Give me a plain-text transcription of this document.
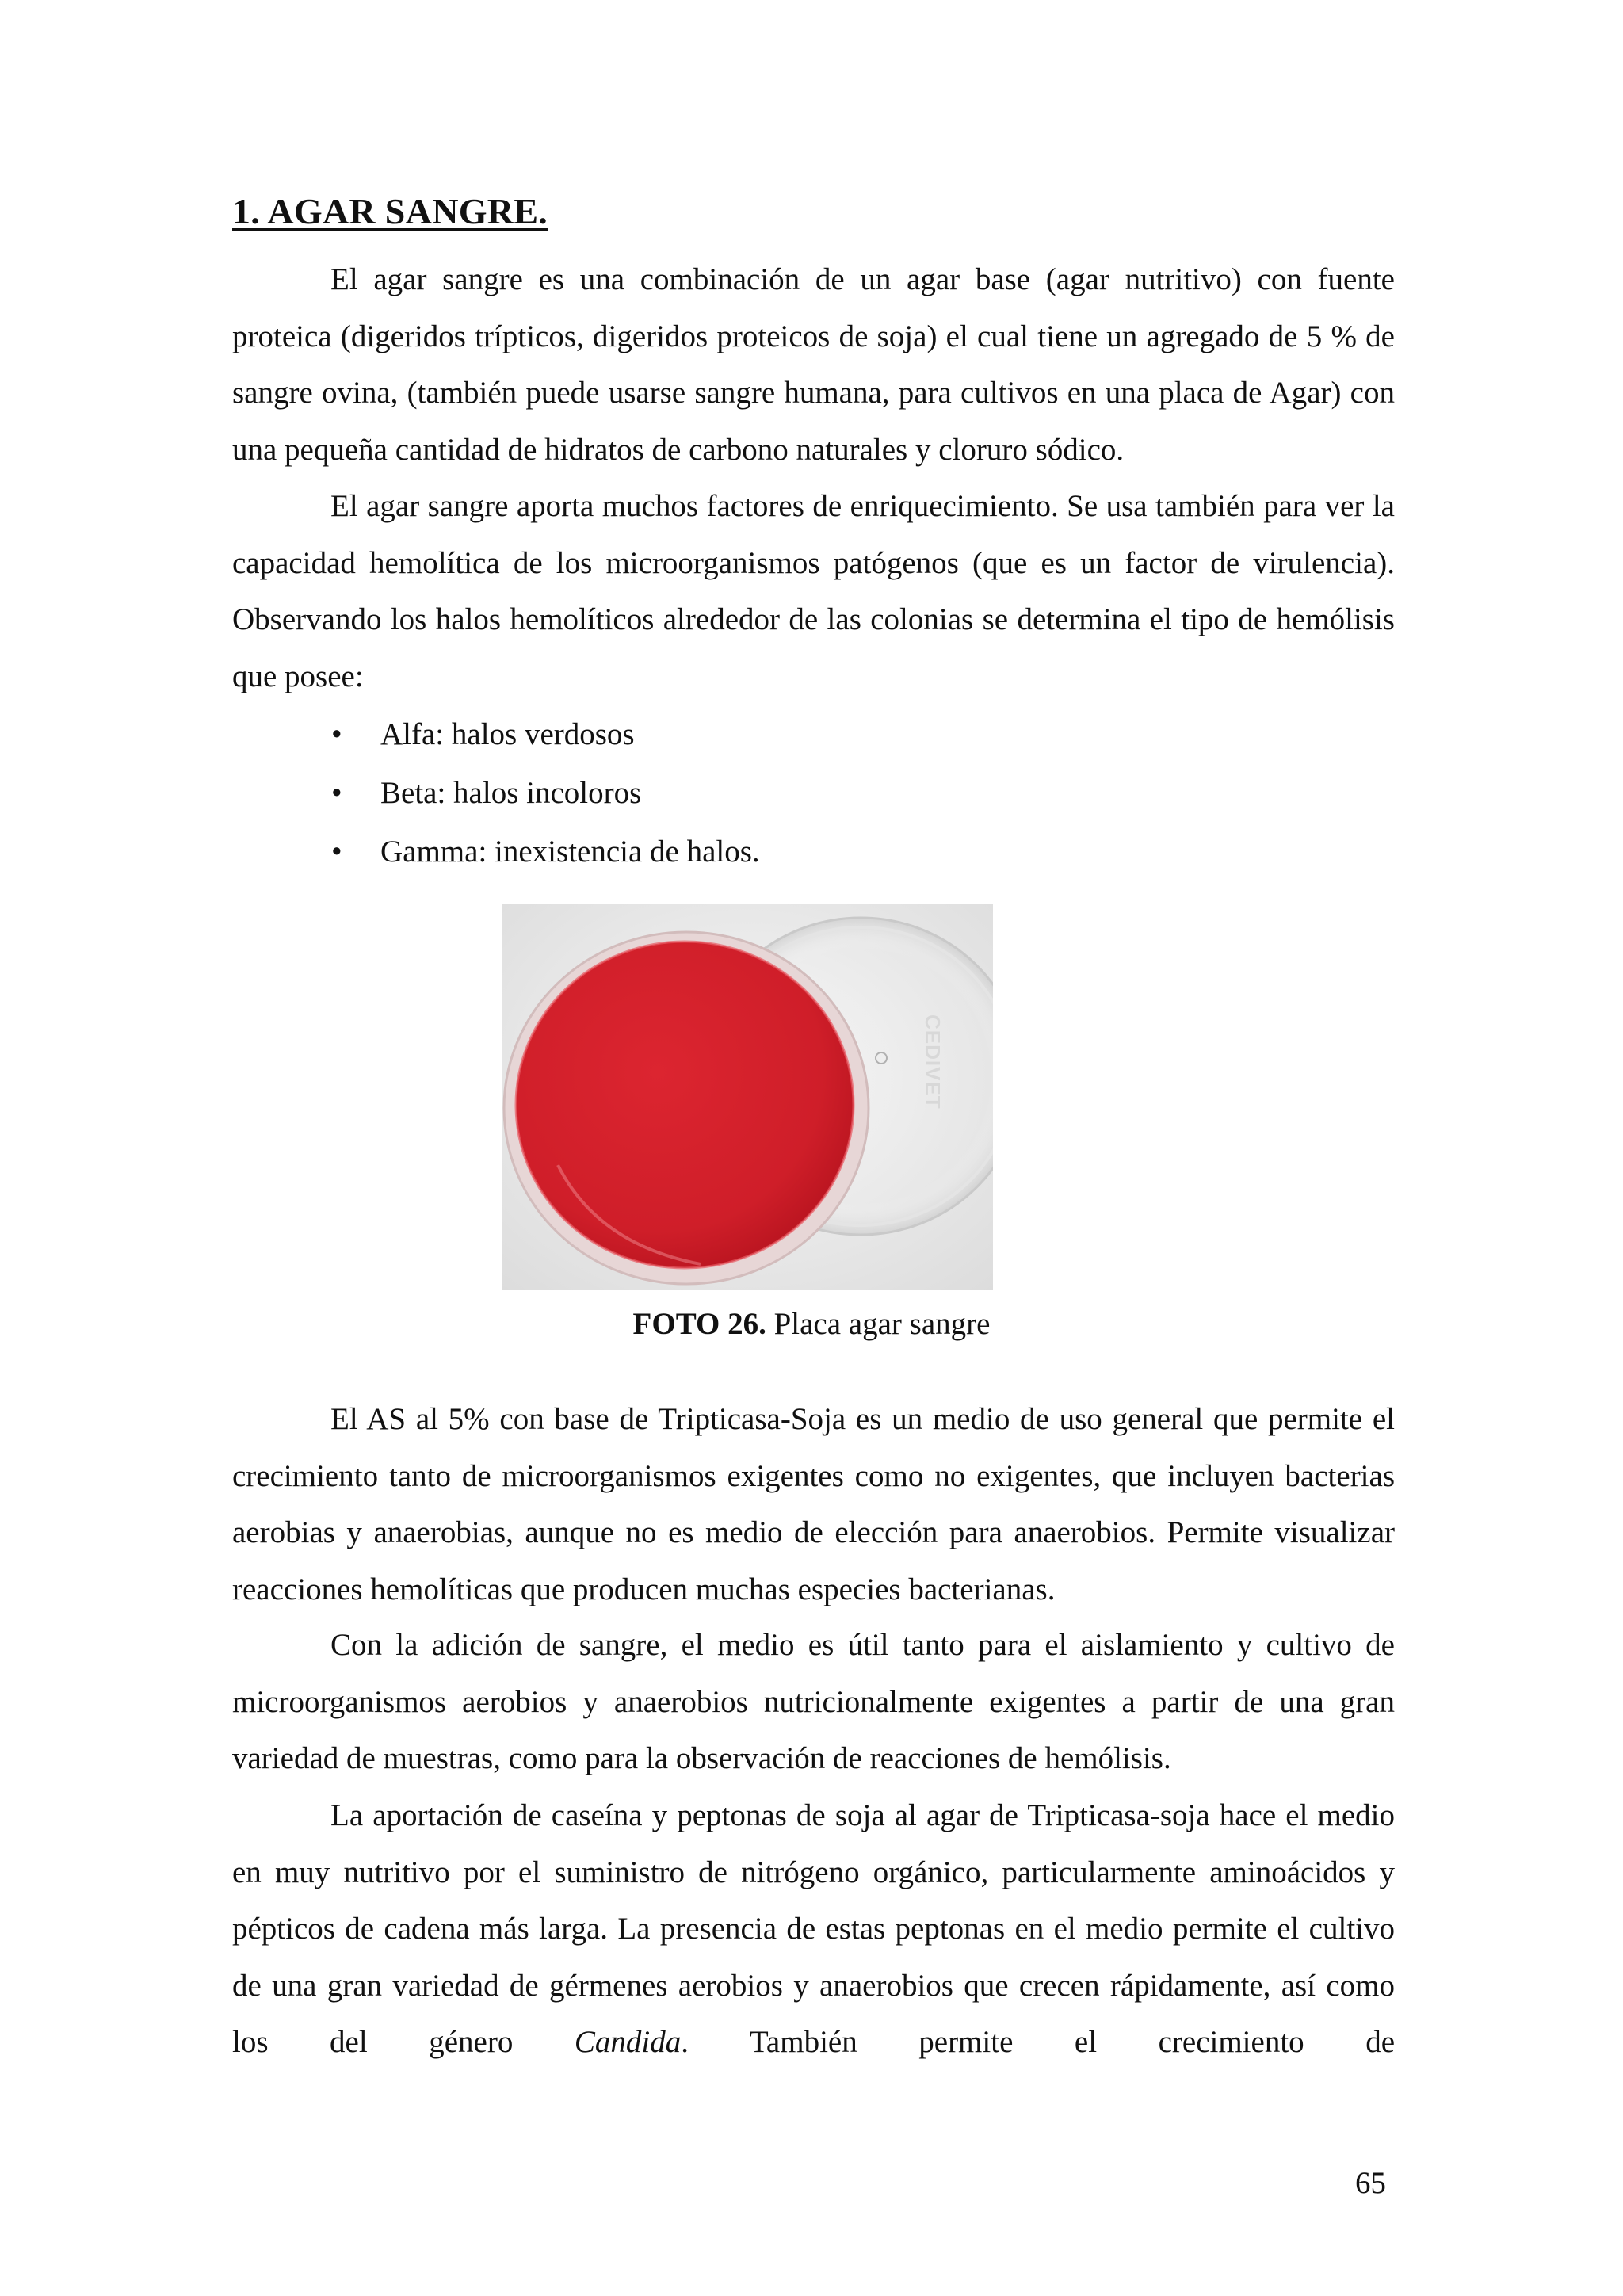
1. AGAR SANGRE.

El agar sangre es una combinación de un agar base (agar nutritivo) con fuente proteica (digeridos trípticos, digeridos proteicos de soja) el cual tiene un agregado de 5 % de sangre ovina, (también puede usarse sangre humana, para cultivos en una placa de Agar) con una pequeña cantidad de hidratos de carbono naturales y cloruro sódico.

El agar sangre aporta muchos factores de enriquecimiento. Se usa también para ver la capacidad hemolítica de los microorganismos patógenos (que es un factor de virulencia). Observando los halos hemolíticos alrededor de las colonias se determina el tipo de hemólisis que posee:

• Alfa: halos verdosos
• Beta: halos incoloros
• Gamma: inexistencia de halos.
CEDIVET
FOTO 26. Placa agar sangre

El AS al 5% con base de Tripticasa-Soja es un medio de uso general que permite el crecimiento tanto de microorganismos exigentes como no exigentes, que incluyen bacterias aerobias y anaerobias, aunque no es medio de elección para anaerobios. Permite visualizar reacciones hemolíticas que producen muchas especies bacterianas.

Con la adición de sangre, el medio es útil tanto para el aislamiento y cultivo de microorganismos aerobios y anaerobios nutricionalmente exigentes a partir de una gran variedad de muestras, como para la observación de reacciones de hemólisis.

La aportación de caseína y peptonas de soja al agar de Tripticasa-soja hace el medio en muy nutritivo por el suministro de nitrógeno orgánico, particularmente aminoácidos y pépticos de cadena más larga. La presencia de estas peptonas en el medio permite el cultivo de una gran variedad de gérmenes aerobios y anaerobios que crecen rápidamente, así como los del género Candida. También permite el crecimiento de

65
